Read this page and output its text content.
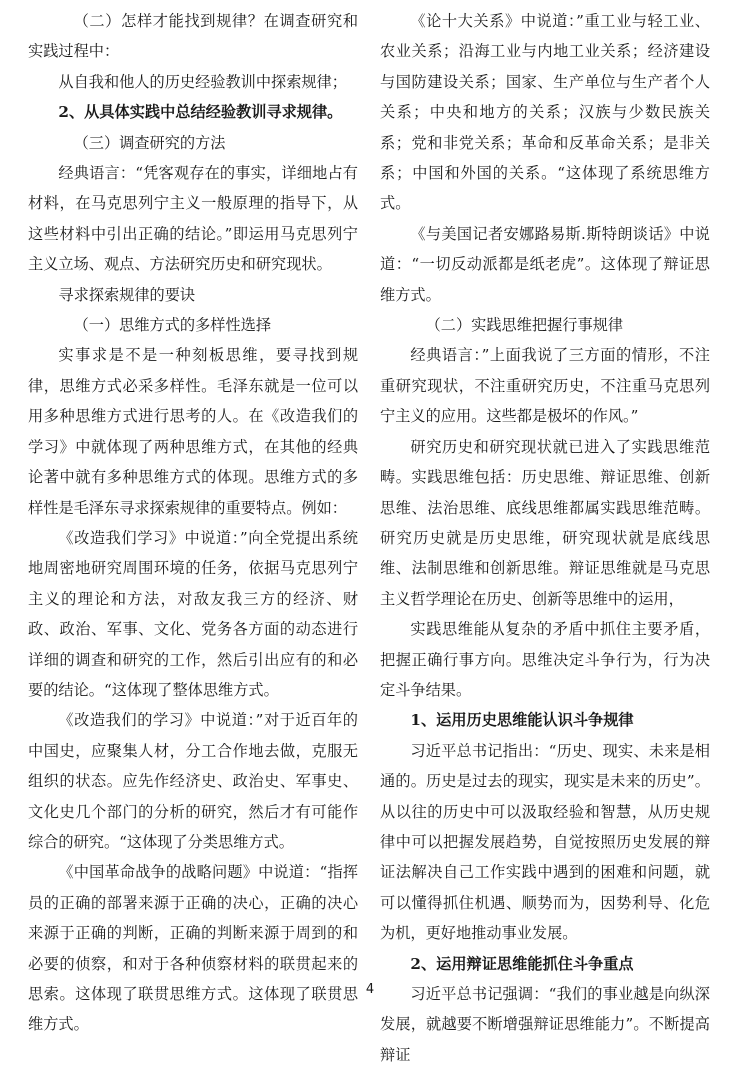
（二）怎样才能找到规律？在调查研究和实践过程中：

从自我和他人的历史经验教训中探索规律；

2、从具体实践中总结经验教训寻求规律。

（三）调查研究的方法

经典语言：“凭客观存在的事实，详细地占有材料，在马克思列宁主义一般原理的指导下，从这些材料中引出正确的结论。”即运用马克思列宁主义立场、观点、方法研究历史和研究现状。

寻求探索规律的要诀

（一）思维方式的多样性选择

实事求是不是一种刻板思维，要寻找到规律，思维方式必采多样性。毛泽东就是一位可以用多种思维方式进行思考的人。在《改造我们的学习》中就体现了两种思维方式，在其他的经典论著中就有多种思维方式的体现。思维方式的多样性是毛泽东寻求探索规律的重要特点。例如：

《改造我们学习》中说道：”向全党提出系统地周密地研究周围环境的任务，依据马克思列宁主义的理论和方法，对敌友我三方的经济、财政、政治、军事、文化、党务各方面的动态进行详细的调查和研究的工作，然后引出应有的和必要的结论。“这体现了整体思维方式。

《改造我们的学习》中说道：”对于近百年的中国史，应聚集人材，分工合作地去做，克服无组织的状态。应先作经济史、政治史、军事史、文化史几个部门的分析的研究，然后才有可能作综合的研究。“这体现了分类思维方式。

《中国革命战争的战略问题》中说道：“指挥员的正确的部署来源于正确的决心，正确的决心来源于正确的判断，正确的判断来源于周到的和必要的侦察，和对于各种侦察材料的联贯起来的思索。这体现了联贯思维方式。这体现了联贯思维方式。

《论十大关系》中说道：”重工业与轻工业、农业关系；沿海工业与内地工业关系；经济建设与国防建设关系；国家、生产单位与生产者个人关系；中央和地方的关系；汉族与少数民族关系；党和非党关系；革命和反革命关系；是非关系；中国和外国的关系。“这体现了系统思维方式。

《与美国记者安娜路易斯.斯特朗谈话》中说道：“一切反动派都是纸老虎”。这体现了辩证思维方式。

（二）实践思维把握行事规律

经典语言：”上面我说了三方面的情形，不注重研究现状，不注重研究历史，不注重马克思列宁主义的应用。这些都是极坏的作风。”

研究历史和研究现状就已进入了实践思维范畴。实践思维包括：历史思维、辩证思维、创新思维、法治思维、底线思维都属实践思维范畴。研究历史就是历史思维，研究现状就是底线思维、法制思维和创新思维。辩证思维就是马克思主义哲学理论在历史、创新等思维中的运用，

实践思维能从复杂的矛盾中抓住主要矛盾，把握正确行事方向。思维决定斗争行为，行为决定斗争结果。

1、运用历史思维能认识斗争规律

习近平总书记指出：“历史、现实、未来是相通的。历史是过去的现实，现实是未来的历史”。从以往的历史中可以汲取经验和智慧，从历史规律中可以把握发展趋势，自觉按照历史发展的辩证法解决自己工作实践中遇到的困难和问题，就可以懂得抓住机遇、顺势而为，因势利导、化危为机，更好地推动事业发展。

2、运用辩证思维能抓住斗争重点

习近平总书记强调：“我们的事业越是向纵深发展，就越要不断增强辩证思维能力”。不断提高辩证

4
